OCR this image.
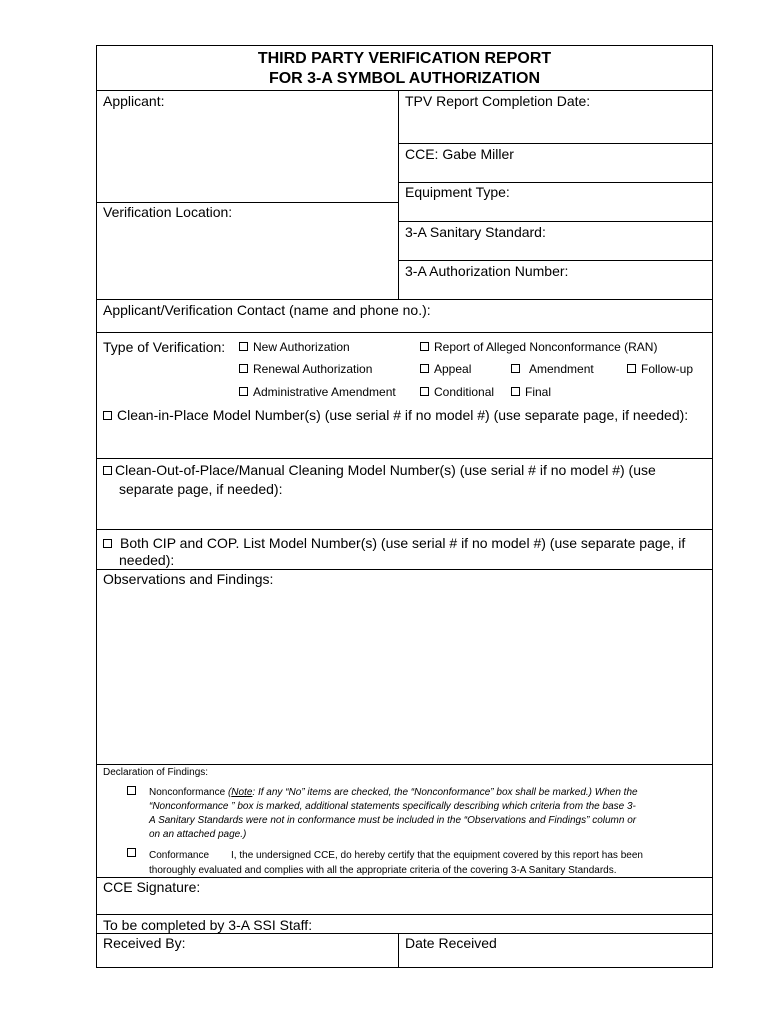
THIRD PARTY VERIFICATION REPORT
FOR 3-A SYMBOL AUTHORIZATION
Applicant:	TPV Report Completion Date:
CCE: Gabe Miller
Equipment Type:
Verification Location:
3-A Sanitary Standard:
3-A Authorization Number:
Applicant/Verification Contact (name and phone no.):
Type of Verification:	New Authorization	Report of Alleged Nonconformance (RAN)
Renewal Authorization	Appeal	Amendment	Follow-up
Administrative Amendment	Conditional	Final
Clean-in-Place Model Number(s) (use serial # if no model #) (use separate page, if needed):
Clean-Out-of-Place/Manual Cleaning Model Number(s) (use serial # if no model #) (use
separate page, if needed):
Both CIP and COP. List Model Number(s) (use serial # if no model #) (use separate page, if
needed):
Observations and Findings:
Declaration of Findings:
Nonconformance (Note: If any “No” items are checked, the “Nonconformance” box shall be marked.) When the
“Nonconformance ” box is marked, additional statements specifically describing which criteria from the base 3-
A Sanitary Standards were not in conformance must be included in the “Observations and Findings” column or
on an attached page.)
Conformance I, the undersigned CCE, do hereby certify that the equipment covered by this report has been
thoroughly evaluated and complies with all the appropriate criteria of the covering 3-A Sanitary Standards.
CCE Signature:
To be completed by 3-A SSI Staff:
Received By:	Date Received
